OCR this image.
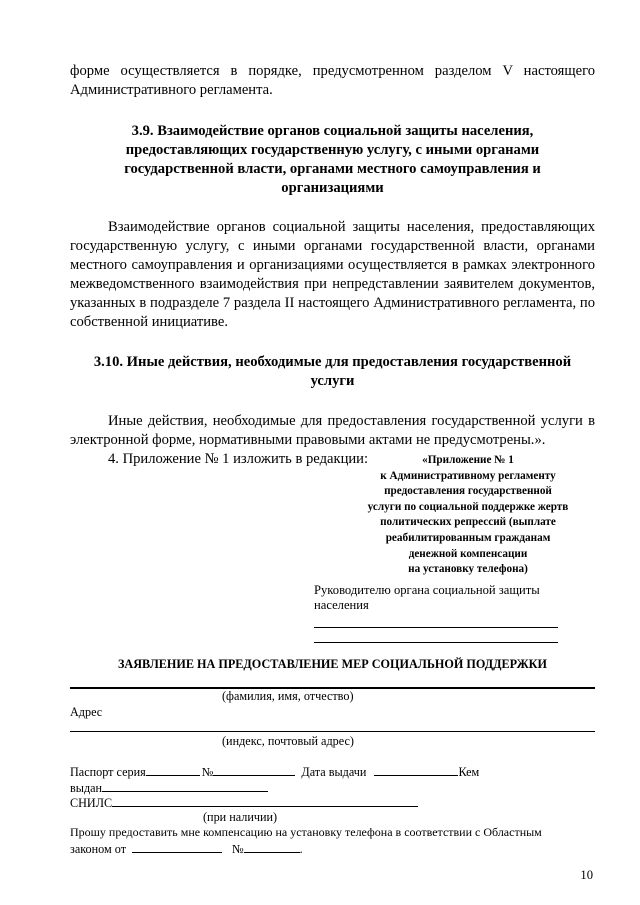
форме осуществляется в порядке, предусмотренном разделом V настоящего Административного регламента.

3.9. Взаимодействие органов социальной защиты населения, предоставляющих государственную услугу, с иными органами государственной власти, органами местного самоуправления и организациями

Взаимодействие органов социальной защиты населения, предоставляющих государственную услугу, с иными органами государственной власти, органами местного самоуправления и организациями осуществляется в рамках электронного межведомственного взаимодействия при непредставлении заявителем документов, указанных в подразделе 7 раздела II настоящего Административного регламента, по собственной инициативе.

3.10. Иные действия, необходимые для предоставления государственной услуги

Иные действия, необходимые для предоставления государственной услуги в электронной форме, нормативными правовыми актами не предусмотрены.».

4. Приложение № 1 изложить в редакции:	«Приложение № 1
к Административному регламенту
предоставления государственной
услуги по социальной поддержке жертв
политических репрессий (выплате
реабилитированным гражданам
денежной компенсации
на установку телефона)
Руководителю органа социальной защиты населения
ЗАЯВЛЕНИЕ НА ПРЕДОСТАВЛЕНИЕ МЕР СОЦИАЛЬНОЙ ПОДДЕРЖКИ
(фамилия, имя, отчество)
Адрес
(индекс, почтовый адрес)
Паспорт серия	№	Дата выдачи	Кем
выдан
СНИЛС
(при наличии)
Прошу предоставить мне компенсацию на установку телефона в соответствии с Областным
законом от	№	.
10
